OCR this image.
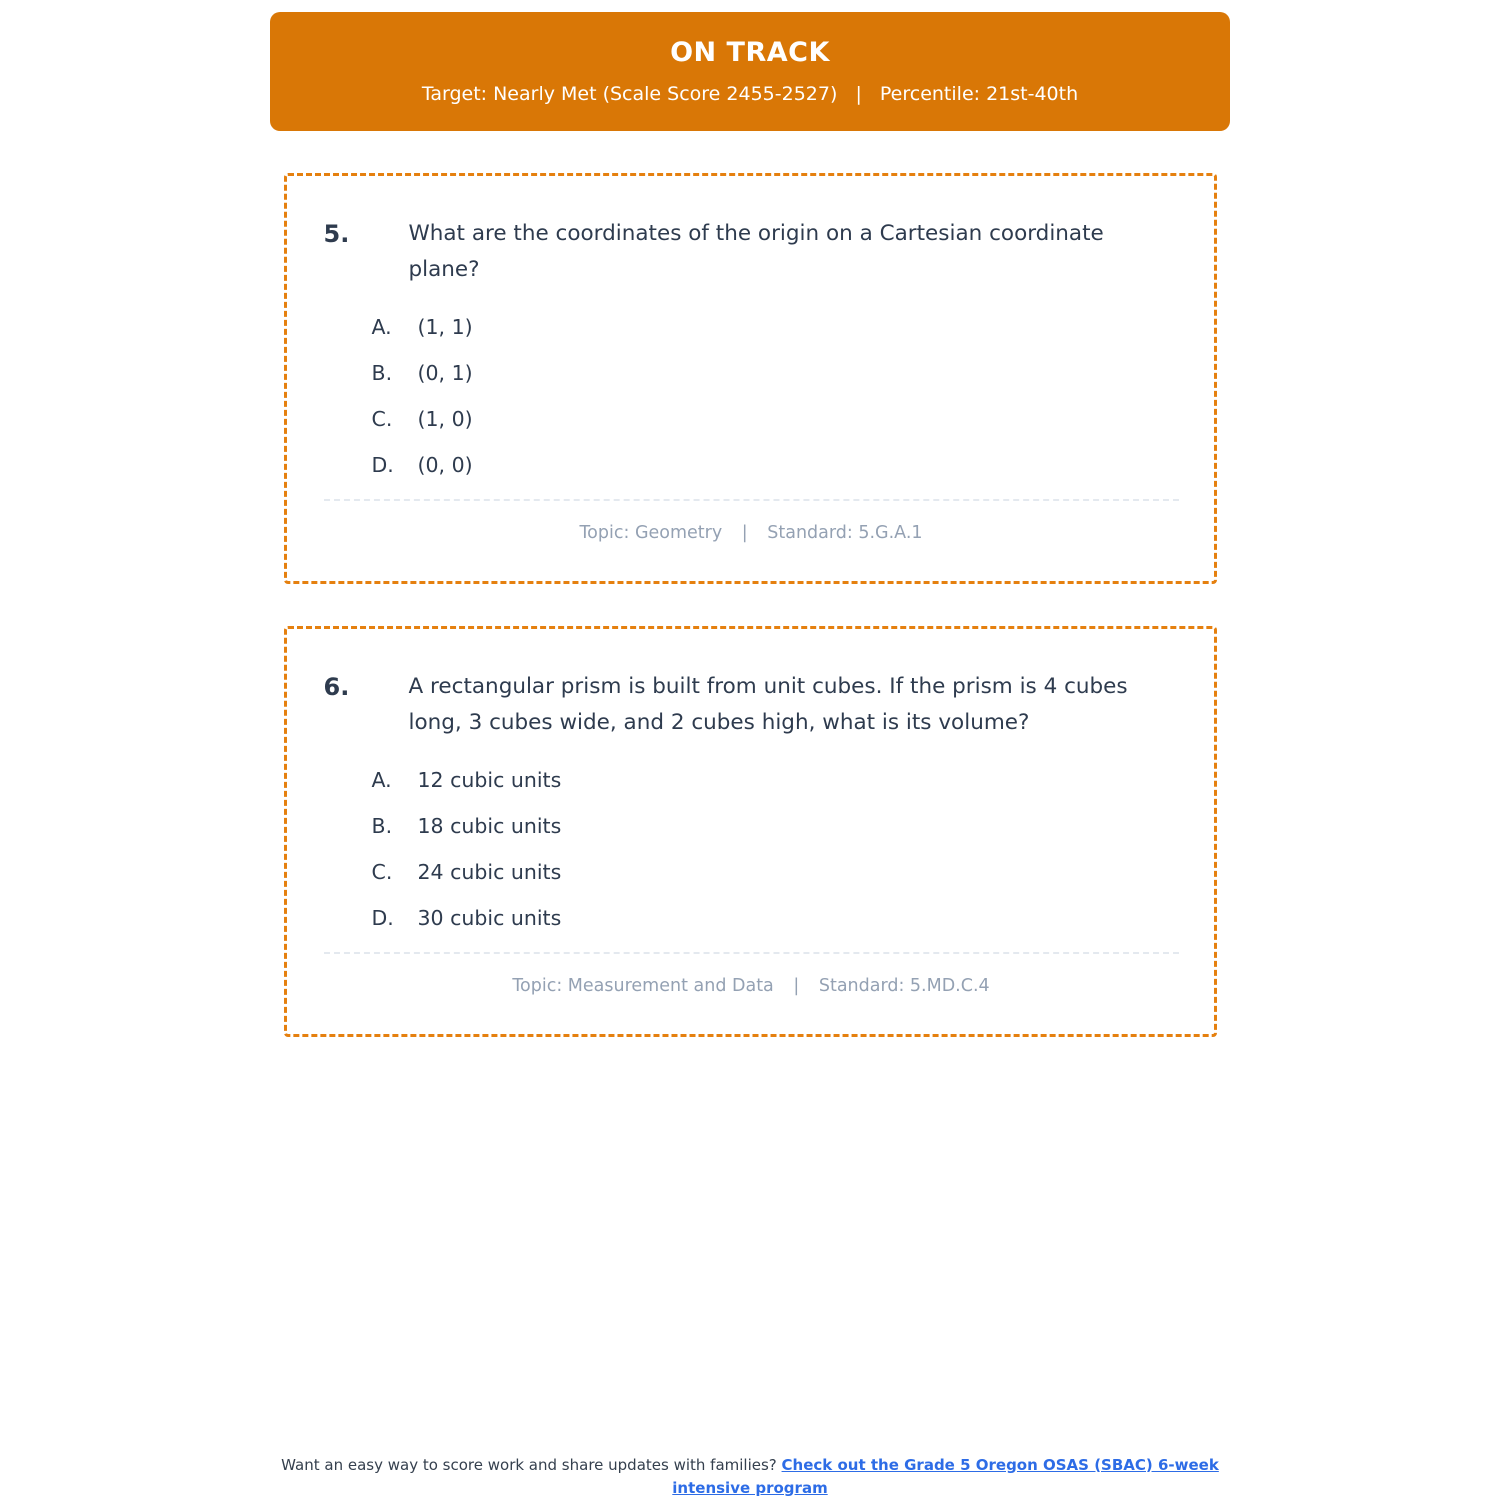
ON TRACK
Target: Nearly Met (Scale Score 2455-2527) | Percentile: 21st-40th
5.	What are the coordinates of the origin on a Cartesian coordinate plane?
A.	(1, 1)
B.	(0, 1)
C.	(1, 0)
D.	(0, 0)
Topic: Geometry | Standard: 5.G.A.1
6.	A rectangular prism is built from unit cubes. If the prism is 4 cubes long, 3 cubes wide, and 2 cubes high, what is its volume?
A.	12 cubic units
B.	18 cubic units
C.	24 cubic units
D.	30 cubic units
Topic: Measurement and Data | Standard: 5.MD.C.4
Want an easy way to score work and share updates with families? Check out the Grade 5 Oregon OSAS (SBAC) 6-week intensive program
